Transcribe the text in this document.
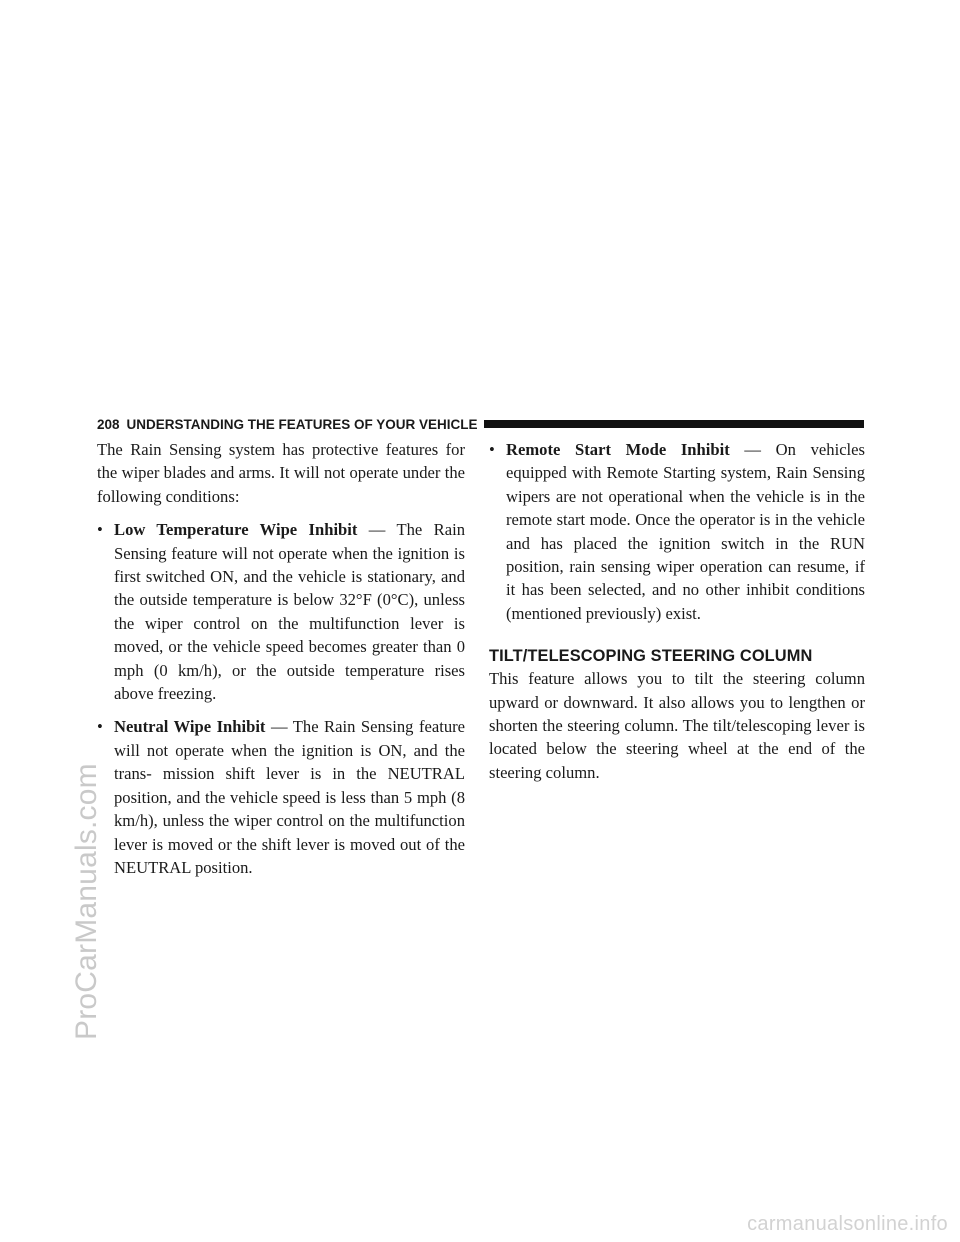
ProCarManuals.com
208 UNDERSTANDING THE FEATURES OF YOUR VEHICLE

The Rain Sensing system has protective features for the wiper blades and arms. It will not operate under the following conditions:

• Low Temperature Wipe Inhibit — The Rain Sensing feature will not operate when the ignition is first switched ON, and the vehicle is stationary, and the outside temperature is below 32°F (0°C), unless the wiper control on the multifunction lever is moved, or the vehicle speed becomes greater than 0 mph (0 km/h), or the outside temperature rises above freezing.
• Neutral Wipe Inhibit — The Rain Sensing feature will not operate when the ignition is ON, and the trans- mission shift lever is in the NEUTRAL position, and the vehicle speed is less than 5 mph (8 km/h), unless the wiper control on the multifunction lever is moved or the shift lever is moved out of the NEUTRAL position.
• Remote Start Mode Inhibit — On vehicles equipped with Remote Starting system, Rain Sensing wipers are not operational when the vehicle is in the remote start mode. Once the operator is in the vehicle and has placed the ignition switch in the RUN position, rain sensing wiper operation can resume, if it has been selected, and no other inhibit conditions (mentioned previously) exist.
TILT/TELESCOPING STEERING COLUMN

This feature allows you to tilt the steering column upward or downward. It also allows you to lengthen or shorten the steering column. The tilt/telescoping lever is located below the steering wheel at the end of the steering column.

carmanualsonline.info
